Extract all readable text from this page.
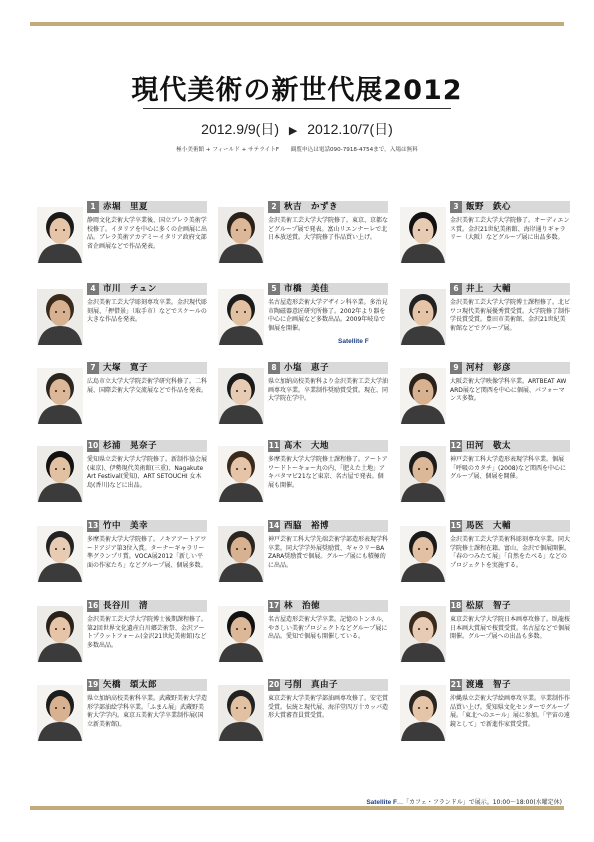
現代美術の新世代展2012
2012.9/9(日) ▶ 2012.10/7(日)
極小美術館 + フィールド + サテライトF 観覧申込は電話090-7918-4754まで。入場は無料
1 赤堀　里夏

静岡文化芸術大学卒業後、国立ブレラ美術学校修了。イタリアを中心に多くの企画展に出品。ブレラ美術アカデミーイタリア政府文部省企画展などで作品発表。

2 秋吉　かずき

金沢美術工芸大学大学院修了。東京、京都などグループ展で発表。富山リエンナーレで北日本放送賞。大学院修了作品買い上げ。

3 飯野　鉄心

金沢美術工芸大学大学院修了。オーディエンス賞。金沢21世紀美術館、海岸通りギャラリー（大阪）などグループ展に出品多数。

4 市川　チュン

金沢美術工芸大学彫刻専攻卒業。金沢現代彫刻展、「押借景」（取手市）などでスケールの大きな作品を発表。

5 市橋　美佳

名古屋造形芸術大学デザイン科卒業。多治見市陶磁器意匠研究所修了。2002年より器を中心に企画展など多数出品。2009年岐阜で個展を開催。

6 井上　大輔

金沢美術工芸大学大学院博士課程修了。北ビワコ現代美術展優秀賞受賞。大学院修了制作学長賞受賞。豊田市美術館、金沢21世紀美術館などでグループ展。

7 大塚　寛子

広島市立大学大学院芸術学研究科修了。二科展、国際芸術大学交流展などで作品を発表。

8 小塩　恵子

県立加納高校美術科より金沢美術工芸大学油画専攻卒業。卒業制作奨励賞受賞。現在、同大学院在学中。

9 河村　彰彦

大阪芸術大学映像学科卒業。ARTBEAT AWARD展など関西を中心に個展、パフォーマンス多数。

10 杉浦　晃奈子

愛知県立芸術大学大学院修了。新制作協会展(東京)、伊勢現代美術館(三重)、Nagakute Art Festival(愛知)、ART SETOUCHI 女木島(香川)などに出品。

11 髙木　大地

多摩美術大学大学院修士課程修了。アートアワードトーキョー丸の内、「肥えた土地」アキバタマビ21など東京、名古屋で発表。個展も開催。

12 田河　敬太

神戸芸術工科大学造形表現学科卒業。個展「呼吸のカタチ」(2008)など関西を中心にグループ展、個展を開催。

13 竹中　美幸

多摩美術大学大学院修了。ノキアアートアワードアジア第3位入賞。ターナーギャラリー準グランプリ賞。VOCA展2012「新しい平面の作家たち」などグループ展、個展多数。

14 西脇　裕博

神戸芸術工科大学先端芸術学部造形表現学科卒業。同大学学外展奨励賞、ギャラリーBAZARA奨励賞で個展。グループ展にも積極的に出品。

15 馬医　大輔

金沢美術工芸大学美術科彫刻専攻卒業。同大学院修士課程在籍。富山、金沢で個展開催。「春のつみたて展」「自然をたべる」などのプロジェクトを実施する。

16 長谷川　清

金沢美術工芸大学大学院博士後期課程修了。第2回世界文化遺産白川郷芸術祭、金沢アートプラットフォーム(金沢21世紀美術館)など多数出品。

17 林　治徳

名古屋造形芸術大学卒業。記憶のトンネル、やさしい美術プロジェクトなどグループ展に出品。愛知で個展も開催している。

18 松原　智子

東京芸術大学大学院日本画専攻修了。臥龍桜日本画大賞展で桜賞受賞。名古屋などで個展開催。グループ展への出品も多数。

19 矢橋　頌太郎

県立加納高校美術科卒業。武蔵野美術大学造形学部油絵学科卒業。「ふまん展」武蔵野美術大学学内。東京五美術大学卒業制作展(国立新美術館)。

20 弓削　真由子

東京芸術大学美術学部油画専攻修了。安宅賞受賞。伝統と現代展、海洋堂四万十カッパ造形大賞審査員賞受賞。

21 渡邊　智子

沖縄県立芸術大学絵画専攻卒業。卒業制作作品買い上げ。愛知県文化センターでグループ展。「東北へのエール」展に参加。「宇宙の遠鏡として」で新進作家賞受賞。

Satellite F
Satellite F…「カフェ・フランドル」で展示。10:00〜18:00(水曜定休)
